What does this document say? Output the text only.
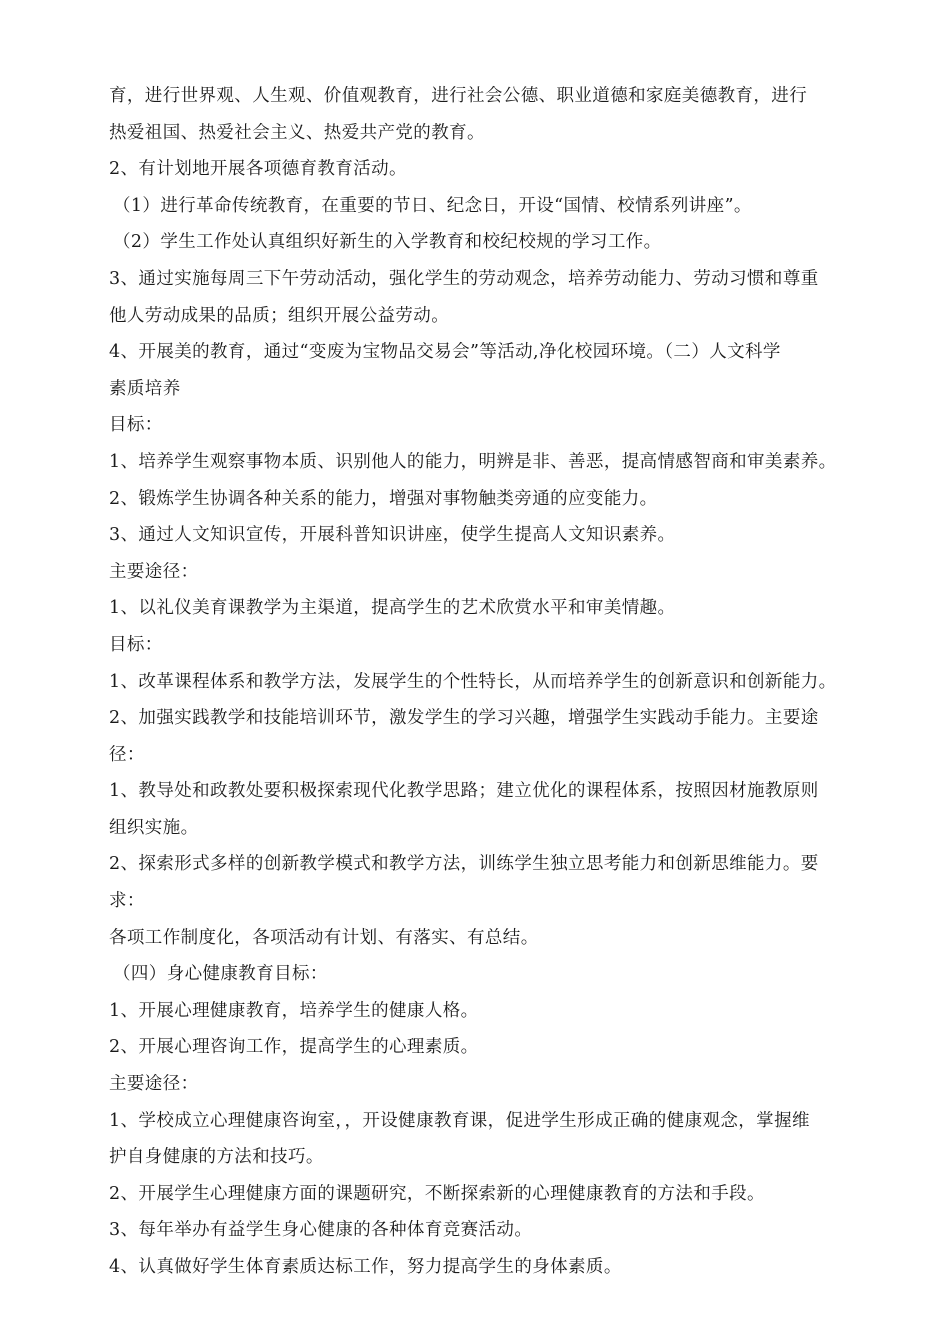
育，进行世界观、人生观、价值观教育，进行社会公德、职业道德和家庭美德教育，进行
热爱祖国、热爱社会主义、热爱共产党的教育。
2、有计划地开展各项德育教育活动。
（1）进行革命传统教育，在重要的节日、纪念日，开设“国情、校情系列讲座”。
（2）学生工作处认真组织好新生的入学教育和校纪校规的学习工作。
3、通过实施每周三下午劳动活动，强化学生的劳动观念，培养劳动能力、劳动习惯和尊重
他人劳动成果的品质；组织开展公益劳动。
4、开展美的教育，通过“变废为宝物品交易会”等活动,净化校园环境。（二）人文科学
素质培养
目标：
1、培养学生观察事物本质、识别他人的能力，明辨是非、善恶，提高情感智商和审美素养。
2、锻炼学生协调各种关系的能力，增强对事物触类旁通的应变能力。
3、通过人文知识宣传，开展科普知识讲座，使学生提高人文知识素养。
主要途径：
1、以礼仪美育课教学为主渠道，提高学生的艺术欣赏水平和审美情趣。
目标：
1、改革课程体系和教学方法，发展学生的个性特长，从而培养学生的创新意识和创新能力。
2、加强实践教学和技能培训环节，激发学生的学习兴趣，增强学生实践动手能力。主要途
径：
1、教导处和政教处要积极探索现代化教学思路；建立优化的课程体系，按照因材施教原则
组织实施。
2、探索形式多样的创新教学模式和教学方法，训练学生独立思考能力和创新思维能力。要
求：
各项工作制度化，各项活动有计划、有落实、有总结。
（四）身心健康教育目标：
1、开展心理健康教育，培养学生的健康人格。
2、开展心理咨询工作，提高学生的心理素质。
主要途径：
1、学校成立心理健康咨询室，，开设健康教育课，促进学生形成正确的健康观念，掌握维
护自身健康的方法和技巧。
2、开展学生心理健康方面的课题研究，不断探索新的心理健康教育的方法和手段。
3、每年举办有益学生身心健康的各种体育竞赛活动。
4、认真做好学生体育素质达标工作，努力提高学生的身体素质。
